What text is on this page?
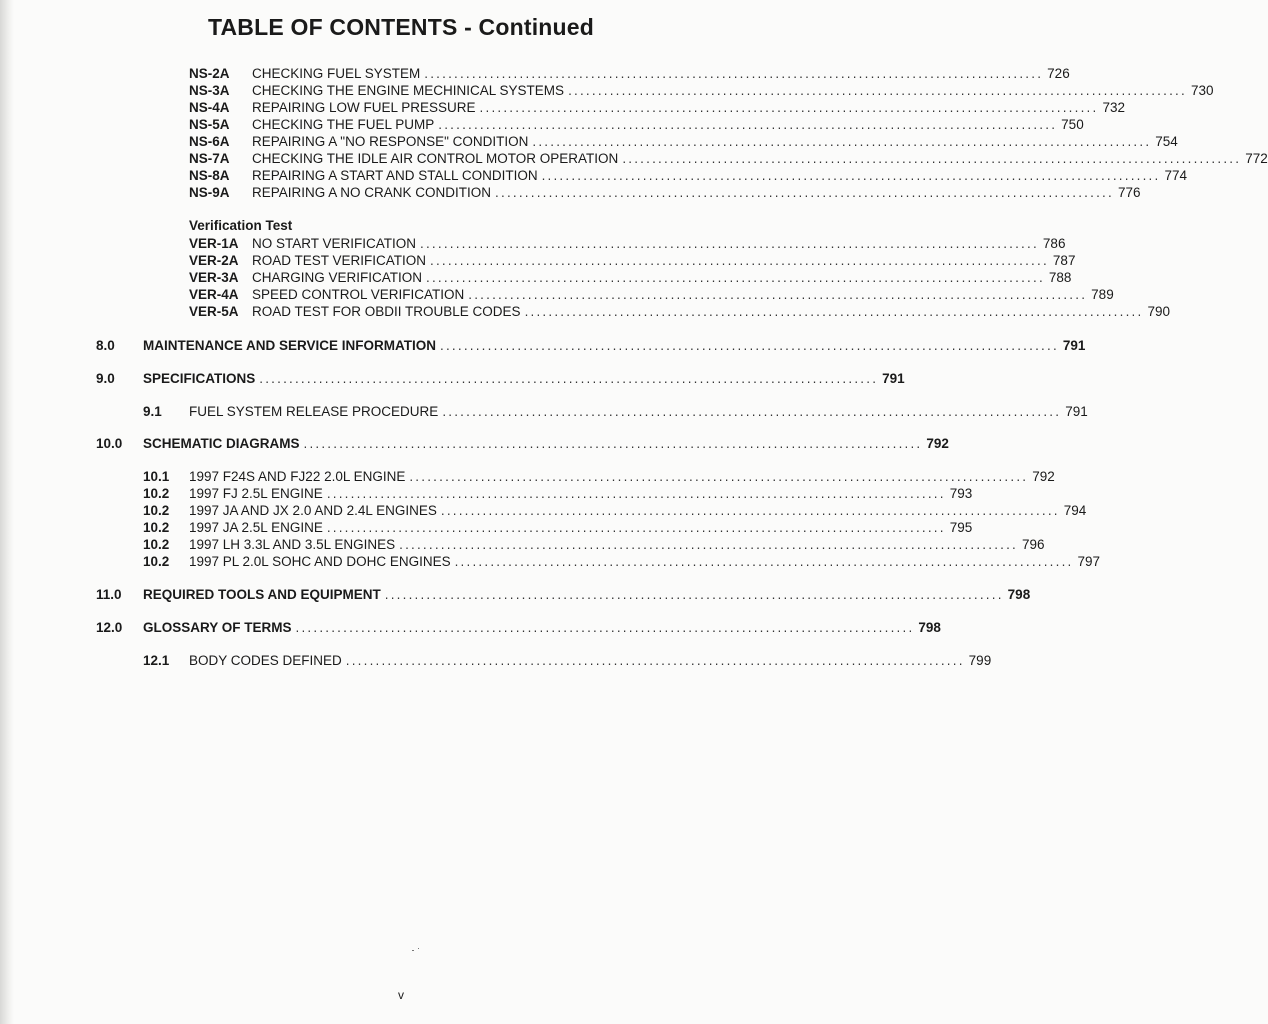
TABLE OF CONTENTS - Continued
NS-2A	CHECKING FUEL SYSTEM ........................................................................................................ 726
NS-3A	CHECKING THE ENGINE MECHINICAL SYSTEMS ........................................................................................................ 730
NS-4A	REPAIRING LOW FUEL PRESSURE ........................................................................................................ 732
NS-5A	CHECKING THE FUEL PUMP ........................................................................................................ 750
NS-6A	REPAIRING A "NO RESPONSE" CONDITION ........................................................................................................ 754
NS-7A	CHECKING THE IDLE AIR CONTROL MOTOR OPERATION ........................................................................................................ 772
NS-8A	REPAIRING A START AND STALL CONDITION ........................................................................................................ 774
NS-9A	REPAIRING A NO CRANK CONDITION ........................................................................................................ 776
Verification Test
VER-1A NO START VERIFICATION ........................................................................................................ 786
VER-2A ROAD TEST VERIFICATION ........................................................................................................ 787
VER-3A CHARGING VERIFICATION ........................................................................................................ 788
VER-4A SPEED CONTROL VERIFICATION ........................................................................................................ 789
VER-5A ROAD TEST FOR OBDII TROUBLE CODES ........................................................................................................ 790
8.0	MAINTENANCE AND SERVICE INFORMATION ........................................................................................................ 791
9.0	SPECIFICATIONS ........................................................................................................ 791
9.1	FUEL SYSTEM RELEASE PROCEDURE ........................................................................................................ 791
10.0	SCHEMATIC DIAGRAMS ........................................................................................................ 792
10.1	1997 F24S AND FJ22 2.0L ENGINE ........................................................................................................ 792
10.2	1997 FJ 2.5L ENGINE ........................................................................................................ 793
10.2	1997 JA AND JX 2.0 AND 2.4L ENGINES ........................................................................................................ 794
10.2	1997 JA 2.5L ENGINE ........................................................................................................ 795
10.2	1997 LH 3.3L AND 3.5L ENGINES ........................................................................................................ 796
10.2	1997 PL 2.0L SOHC AND DOHC ENGINES ........................................................................................................ 797
11.0	REQUIRED TOOLS AND EQUIPMENT ........................................................................................................ 798
12.0	GLOSSARY OF TERMS ........................................................................................................ 798
12.1	BODY CODES DEFINED ........................................................................................................ 799
v
